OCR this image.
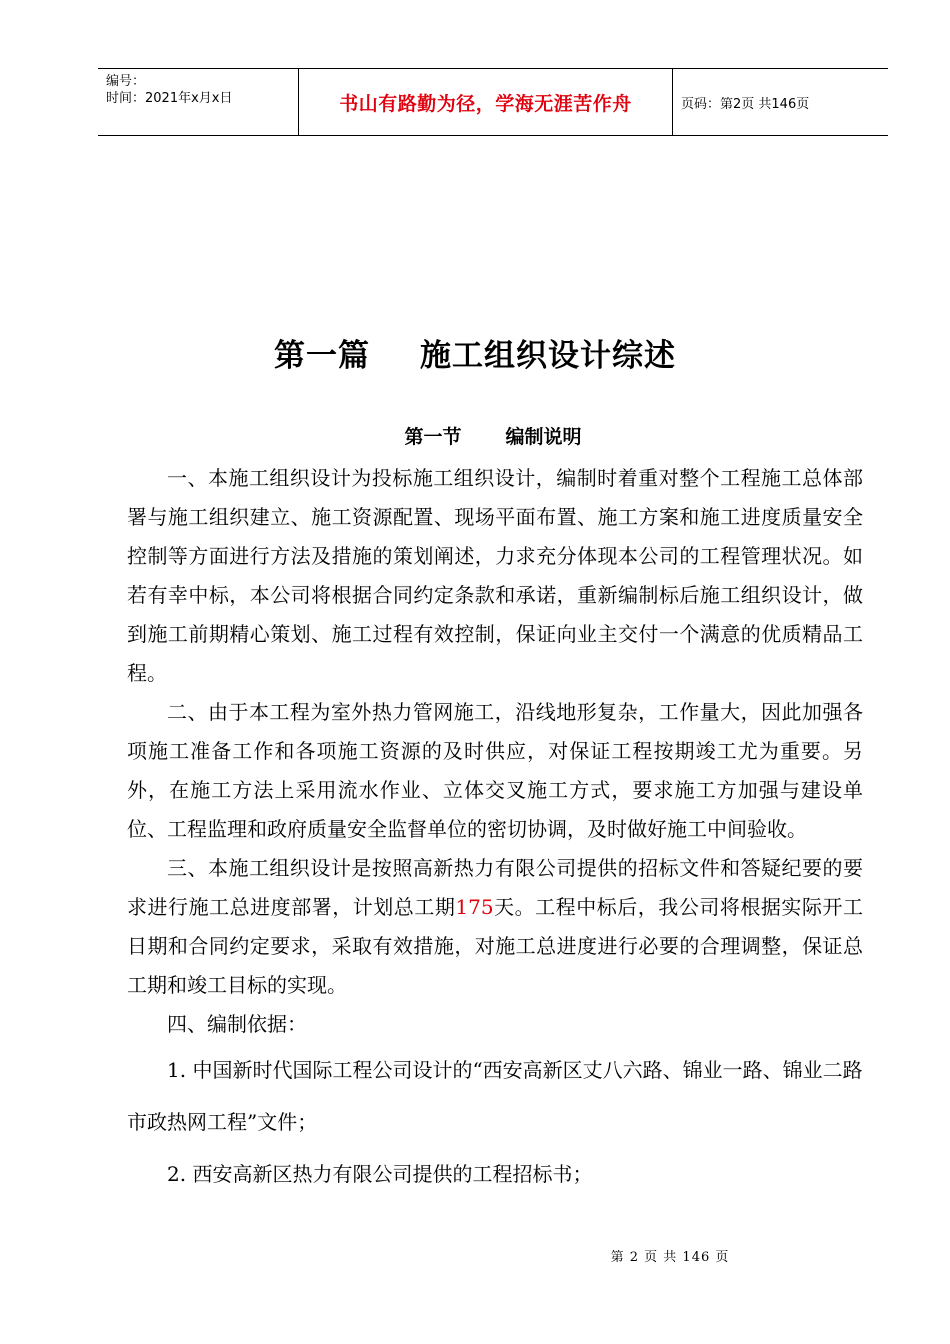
编号：
时间：2021年x月x日	书山有路勤为径，学海无涯苦作舟	页码：第2页 共146页
第一篇 施工组织设计综述
第一节 编制说明

一、本施工组织设计为投标施工组织设计，编制时着重对整个工程施工总体部署与施工组织建立、施工资源配置、现场平面布置、施工方案和施工进度质量安全控制等方面进行方法及措施的策划阐述，力求充分体现本公司的工程管理状况。如若有幸中标，本公司将根据合同约定条款和承诺，重新编制标后施工组织设计，做到施工前期精心策划、施工过程有效控制，保证向业主交付一个满意的优质精品工程。

二、由于本工程为室外热力管网施工，沿线地形复杂，工作量大，因此加强各项施工准备工作和各项施工资源的及时供应，对保证工程按期竣工尤为重要。另外，在施工方法上采用流水作业、立体交叉施工方式，要求施工方加强与建设单位、工程监理和政府质量安全监督单位的密切协调，及时做好施工中间验收。

三、本施工组织设计是按照高新热力有限公司提供的招标文件和答疑纪要的要求进行施工总进度部署，计划总工期175天。工程中标后，我公司将根据实际开工日期和合同约定要求，采取有效措施，对施工总进度进行必要的合理调整，保证总工期和竣工目标的实现。

四、编制依据：

1. 中国新时代国际工程公司设计的“西安高新区丈八六路、锦业一路、锦业二路市政热网工程”文件；

2. 西安高新区热力有限公司提供的工程招标书；

第 2 页 共 146 页
